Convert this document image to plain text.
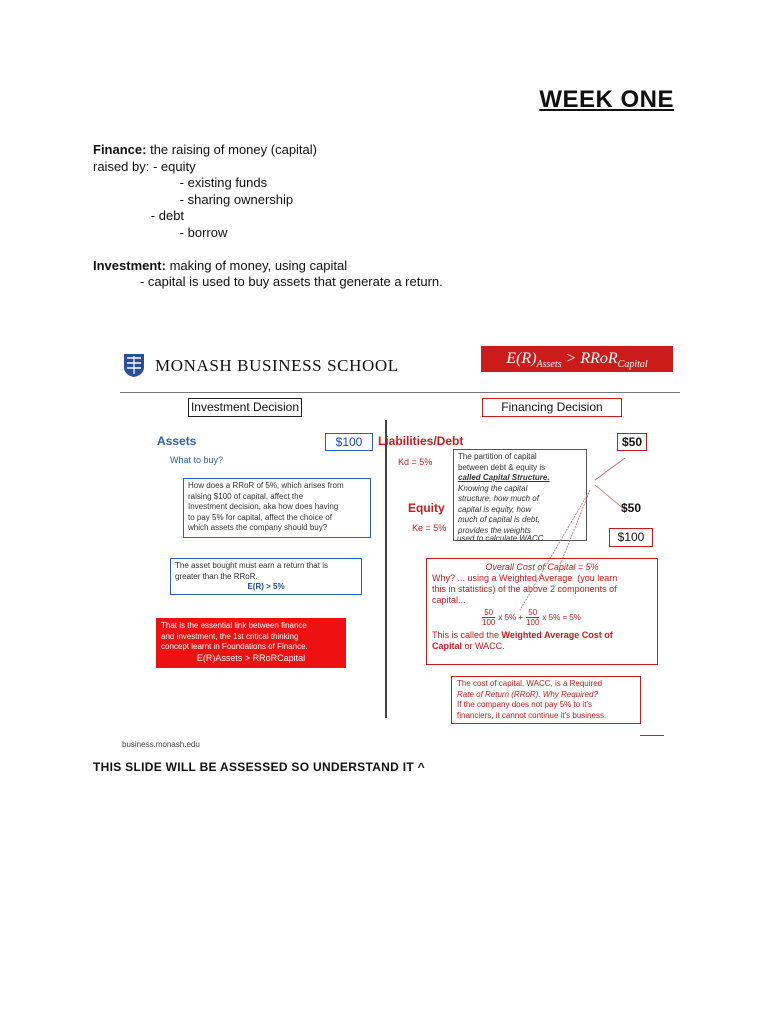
WEEK ONE
Finance: the raising of money (capital)
raised by: - equity
- existing funds
- sharing ownership
- debt
- borrow
Investment: making of money, using capital
- capital is used to buy assets that generate a return.
MONASH BUSINESS SCHOOL	$E(R)_{Assets}$ > RRoR$_{Capital}$
Investment Decision	Financing Decision
Assets	$100
What to buy?
How does a RRoR of 5%, which arises from
raising $100 of capital, affect the
Investment decision, aka how does having
to pay 5% for capital, affect the choice of
which assets the company should buy?
The asset bought must earn a return that is
greater than the RRoR.
E(R) > 5%
That is the essential link between finance
and investment, the 1st critical thinking
concept learnt in Foundations of Finance.
E(R)Assets > RRoRCapital
Liabilities/Debt
Kd = 5%
$50
The partition of capital
between debt & equity is
called Capital Structure.
Knowing the capital
structure, how much of
capital is equity, how
much of capital is debt,
provides the weights
used to calculate WACC
Equity
Ke = 5%
$50
$100
Overall Cost of Capital = 5%
Why? ... using a Weighted Average  (you learn
this in statistics) of the above 2 components of
capital...
$\frac{50}{100}$ x $5\% + \frac{50}{100}$ x 5% = 5%
This is called the Weighted Average Cost of
Capital or WACC.
The cost of capital, WACC, is a Required
Rate of Return (RRoR). Why Required?
If the company does not pay 5% to it's
financiers, it cannot continue it's business.
business.monash.edu
THIS SLIDE WILL BE ASSESSED SO UNDERSTAND IT ^
